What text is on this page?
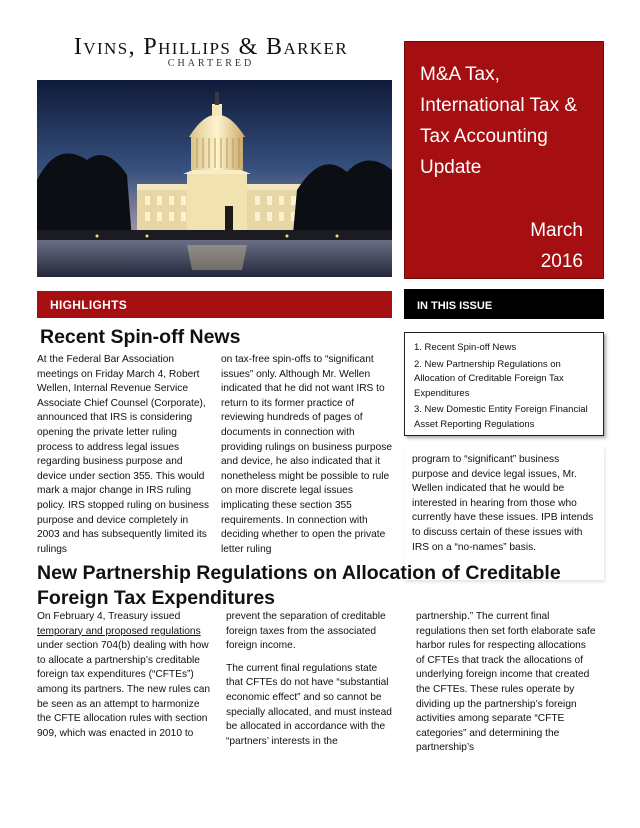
Ivins, Phillips & Barker
CHARTERED
M&A Tax, International Tax & Tax Accounting Update
March
2016
HIGHLIGHTS	IN THIS ISSUE
1. Recent Spin-off News
2. New Partnership Regulations on Allocation of Creditable Foreign Tax Expenditures
3. New Domestic Entity Foreign Financial Asset Reporting Regulations
Recent Spin-off News
At the Federal Bar Association meetings on Friday March 4, Robert Wellen, Internal Revenue Service Associate Chief Counsel (Corporate), announced that IRS is considering opening the private letter ruling process to address legal issues regarding business purpose and device under section 355. This would mark a major change in IRS ruling policy. IRS stopped ruling on business purpose and device completely in 2003 and has subsequently limited its rulings
on tax-free spin-offs to “significant issues” only. Although Mr. Wellen indicated that he did not want IRS to return to its former practice of reviewing hundreds of pages of documents in connection with providing rulings on business purpose and device, he also indicated that it nonetheless might be possible to rule on more discrete legal issues implicating these section 355 requirements. In connection with deciding whether to open the private letter ruling
program to “significant” business purpose and device legal issues, Mr. Wellen indicated that he would be interested in hearing from those who currently have these issues. IPB intends to discuss certain of these issues with IRS on a “no-names” basis.
New Partnership Regulations on Allocation of Creditable Foreign Tax Expenditures
On February 4, Treasury issued temporary and proposed regulations under section 704(b) dealing with how to allocate a partnership’s creditable foreign tax expenditures (“CFTEs”) among its partners. The new rules can be seen as an attempt to harmonize the CFTE allocation rules with section 909, which was enacted in 2010 to

prevent the separation of creditable foreign taxes from the associated foreign income.

The current final regulations state that CFTEs do not have “substantial economic effect” and so cannot be specially allocated, and must instead be allocated in accordance with the “partners’ interests in the

partnership.” The current final regulations then set forth elaborate safe harbor rules for respecting allocations of CFTEs that track the allocations of underlying foreign income that created the CFTEs. These rules operate by dividing up the partnership’s foreign activities among separate “CFTE categories” and determining the partnership’s
